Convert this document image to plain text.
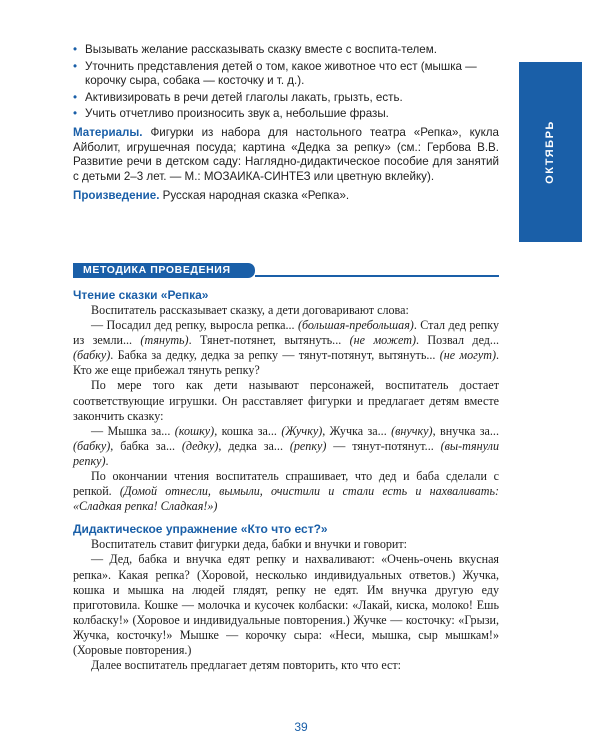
ОКТЯБРЬ
• Вызывать желание рассказывать сказку вместе с воспита-телем.
• Уточнить представления детей о том, какое животное что ест (мышка — корочку сыра, собака — косточку и т. д.).
• Активизировать в речи детей глаголы лакать, грызть, есть.
• Учить отчетливо произносить звук а, небольшие фразы.

Материалы. Фигурки из набора для настольного театра «Репка», кукла Айболит, игрушечная посуда; картина «Дедка за репку» (см.: Гербова В.В. Развитие речи в детском саду: Наглядно-дидактическое пособие для занятий с детьми 2–3 лет. — М.: МОЗАИКА-СИНТЕЗ или цветную вклейку).

Произведение. Русская народная сказка «Репка».

МЕТОДИКА ПРОВЕДЕНИЯ
Чтение сказки «Репка»

Воспитатель рассказывает сказку, а дети договаривают слова:

— Посадил дед репку, выросла репка... (большая-пребольшая). Стал дед репку из земли... (тянуть). Тянет-потянет, вытянуть... (не может). Позвал дед... (бабку). Бабка за дедку, дедка за репку — тянут-потянут, вытянуть... (не могут). Кто же еще прибежал тянуть репку?

По мере того как дети называют персонажей, воспитатель достает соответствующие игрушки. Он расставляет фигурки и предлагает детям вместе закончить сказку:

— Мышка за... (кошку), кошка за... (Жучку), Жучка за... (внучку), внучка за... (бабку), бабка за... (дедку), дедка за... (репку) — тянут-потянут... (вы-тянули репку).

По окончании чтения воспитатель спрашивает, что дед и баба сделали с репкой. (Домой отнесли, вымыли, очистили и стали есть и нахваливать: «Сладкая репка! Сладкая!»)

Дидактическое упражнение «Кто что ест?»

Воспитатель ставит фигурки деда, бабки и внучки и говорит:

— Дед, бабка и внучка едят репку и нахваливают: «Очень-очень вкусная репка». Какая репка? (Хоровой, несколько индивидуальных ответов.) Жучка, кошка и мышка на людей глядят, репку не едят. Им внучка другую еду приготовила. Кошке — молочка и кусочек колбаски: «Лакай, киска, молоко! Ешь колбаску!» (Хоровое и индивидуальные повторения.) Жучке — косточку: «Грызи, Жучка, косточку!» Мышке — корочку сыра: «Неси, мышка, сыр мышкам!» (Хоровые повторения.)

Далее воспитатель предлагает детям повторить, кто что ест:

39
